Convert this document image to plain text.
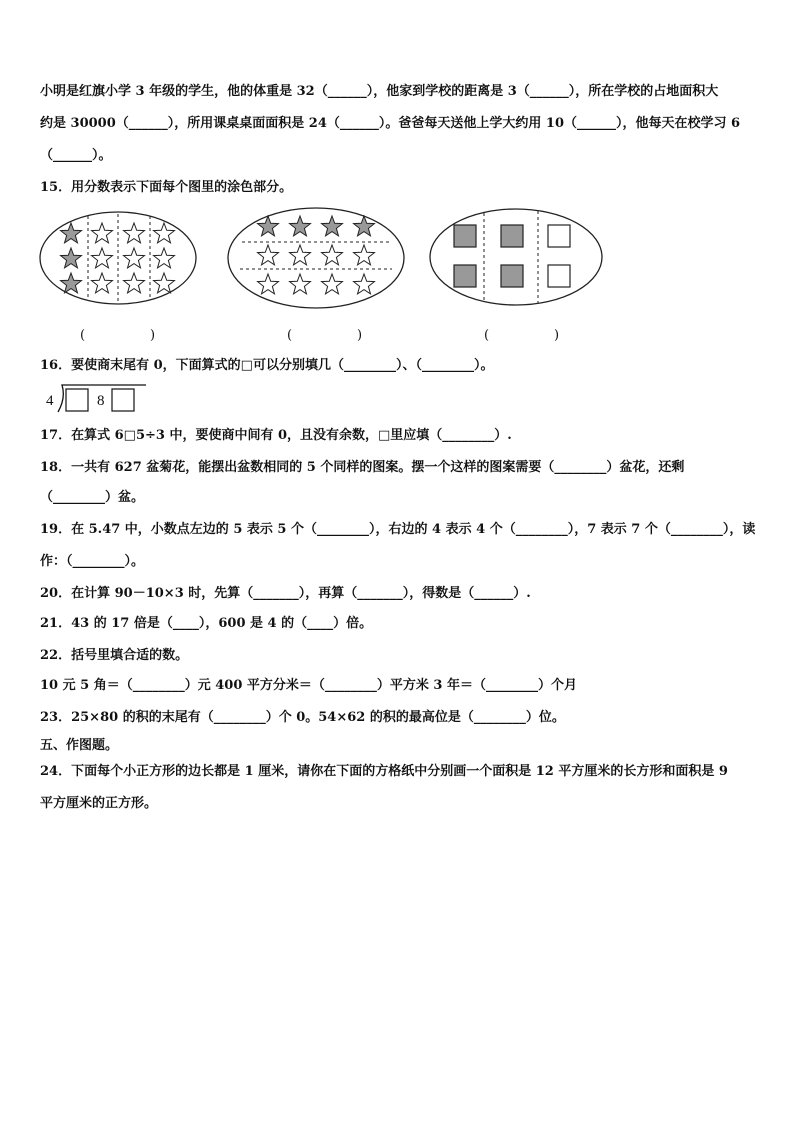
小明是红旗小学 3 年级的学生，他的体重是 32（______），他家到学校的距离是 3（______），所在学校的占地面积大
约是 30000（______），所用课桌桌面面积是 24（______）。爸爸每天送他上学大约用 10（______），他每天在校学习 6
（______）。
15．用分数表示下面每个图里的涂色部分。
(	)	(	)	(	)
16．要使商末尾有 0，下面算式的□可以分别填几（________）、（________）。
4	8
17．在算式 6□5÷3 中，要使商中间有 0，且没有余数，□里应填（________）.
18．一共有 627 盆菊花，能摆出盆数相同的 5 个同样的图案。摆一个这样的图案需要（________）盆花，还剩
（________）盆。
19．在 5.47 中，小数点左边的 5 表示 5 个（________），右边的 4 表示 4 个（________），7 表示 7 个（________），读
作：（________）。
20．在计算 90－10×3 时，先算（_______），再算（_______），得数是（______）.
21．43 的 17 倍是（____），600 是 4 的（____）倍。
22．括号里填合适的数。
10 元 5 角＝（________）元 400 平方分米＝（________）平方米 3 年＝（________）个月
23．25×80 的积的末尾有（________）个 0。54×62 的积的最高位是（________）位。
五、作图题。
24．下面每个小正方形的边长都是 1 厘米，请你在下面的方格纸中分别画一个面积是 12 平方厘米的长方形和面积是 9
平方厘米的正方形。
